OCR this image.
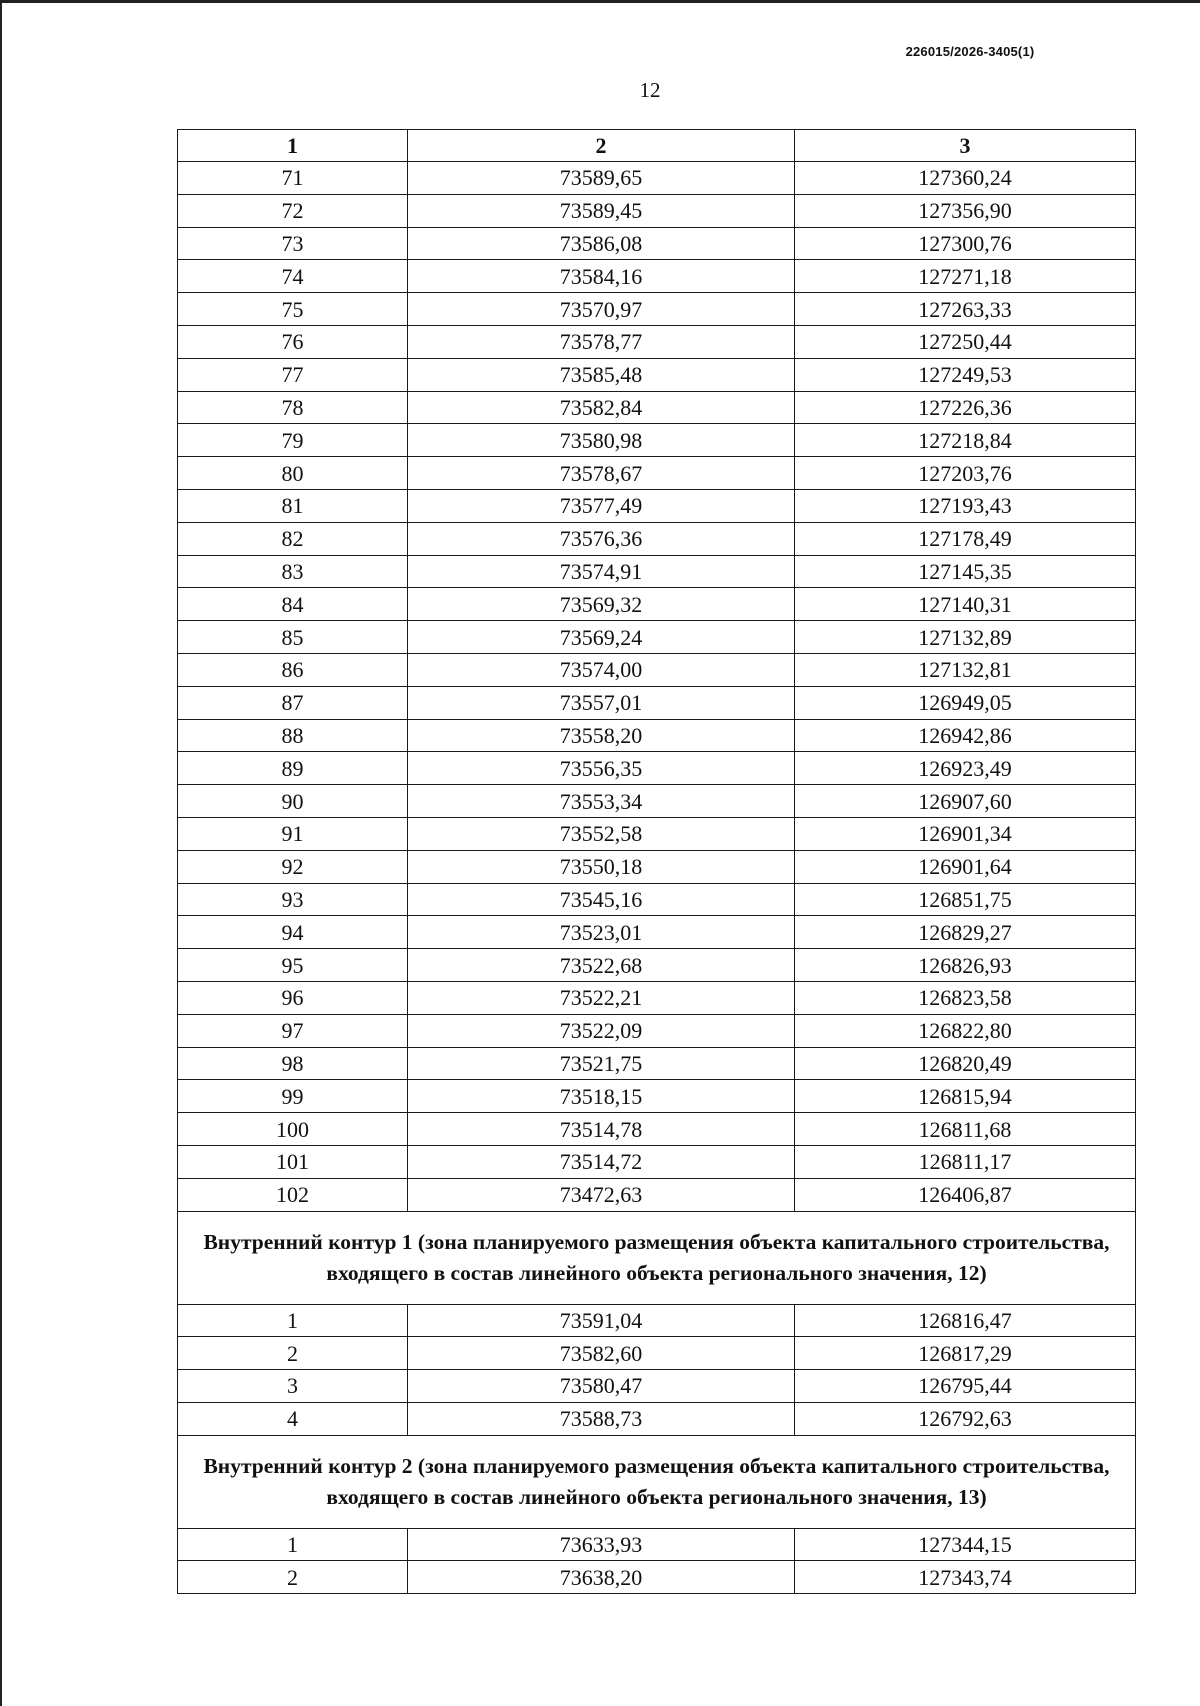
226015/2026-3405(1)
12
1	2	3
71	73589,65	127360,24
72	73589,45	127356,90
73	73586,08	127300,76
74	73584,16	127271,18
75	73570,97	127263,33
76	73578,77	127250,44
77	73585,48	127249,53
78	73582,84	127226,36
79	73580,98	127218,84
80	73578,67	127203,76
81	73577,49	127193,43
82	73576,36	127178,49
83	73574,91	127145,35
84	73569,32	127140,31
85	73569,24	127132,89
86	73574,00	127132,81
87	73557,01	126949,05
88	73558,20	126942,86
89	73556,35	126923,49
90	73553,34	126907,60
91	73552,58	126901,34
92	73550,18	126901,64
93	73545,16	126851,75
94	73523,01	126829,27
95	73522,68	126826,93
96	73522,21	126823,58
97	73522,09	126822,80
98	73521,75	126820,49
99	73518,15	126815,94
100	73514,78	126811,68
101	73514,72	126811,17
102	73472,63	126406,87
Внутренний контур 1 (зона планируемого размещения объекта капитального строительства, входящего в состав линейного объекта регионального значения, 12)		
1	73591,04	126816,47
2	73582,60	126817,29
3	73580,47	126795,44
4	73588,73	126792,63
Внутренний контур 2 (зона планируемого размещения объекта капитального строительства, входящего в состав линейного объекта регионального значения, 13)		
1	73633,93	127344,15
2	73638,20	127343,74
